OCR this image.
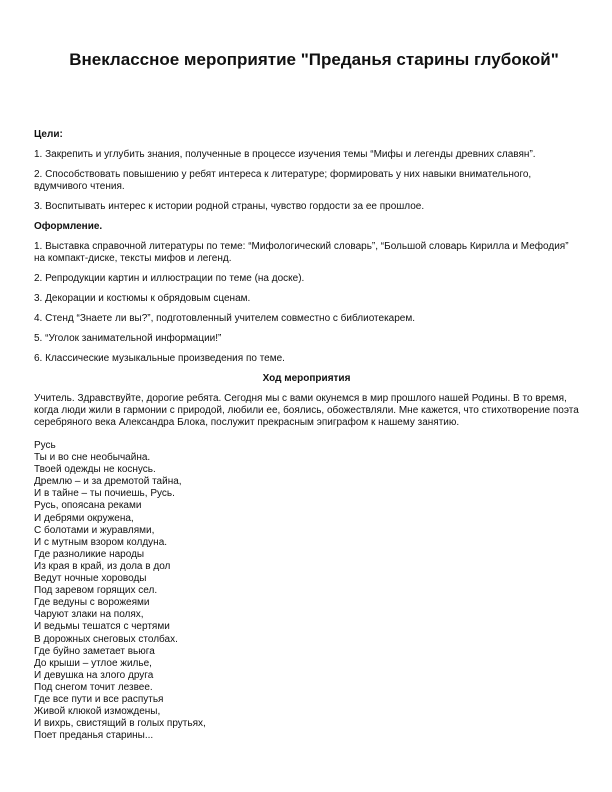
Внеклассное мероприятие "Преданья старины глубокой"

Цели:

1. Закрепить и углубить знания, полученные в процессе изучения темы “Мифы и легенды древних славян”.

2. Способствовать повышению у ребят интереса к литературе; формировать у них навыки внимательного, вдумчивого чтения.

3. Воспитывать интерес к истории родной страны, чувство гордости за ее прошлое.

Оформление.

1. Выставка справочной литературы по теме: “Мифологический словарь”, “Большой словарь Кирилла и Мефодия” на компакт-диске, тексты мифов и легенд.

2. Репродукции картин и иллюстрации по теме (на доске).

3. Декорации и костюмы к обрядовым сценам.

4. Стенд “Знаете ли вы?”, подготовленный учителем совместно с библиотекарем.

5. “Уголок занимательной информации!”

6. Классические музыкальные произведения по теме.

Ход мероприятия

Учитель. Здравствуйте, дорогие ребята. Сегодня мы с вами окунемся в мир прошлого нашей Родины. В то время, когда люди жили в гармонии с природой, любили ее, боялись, обожествляли. Мне кажется, что стихотворение поэта серебряного века Александра Блока, послужит прекрасным эпиграфом к нашему занятию.

Русь
Ты и во сне необычайна.
Твоей одежды не коснусь.
Дремлю – и за дремотой тайна,
И в тайне – ты почиешь, Русь.
Русь, опоясана реками
И дебрями окружена,
С болотами и журавлями,
И с мутным взором колдуна.
Где разноликие народы
Из края в край, из дола в дол
Ведут ночные хороводы
Под заревом горящих сел.
Где ведуны с ворожеями
Чаруют злаки на полях,
И ведьмы тешатся с чертями
В дорожных снеговых столбах.
Где буйно заметает вьюга
До крыши – утлое жилье,
И девушка на злого друга
Под снегом точит лезвее.
Где все пути и все распутья
Живой клюкой измождены,
И вихрь, свистящий в голых прутьях,
Поет преданья старины...
